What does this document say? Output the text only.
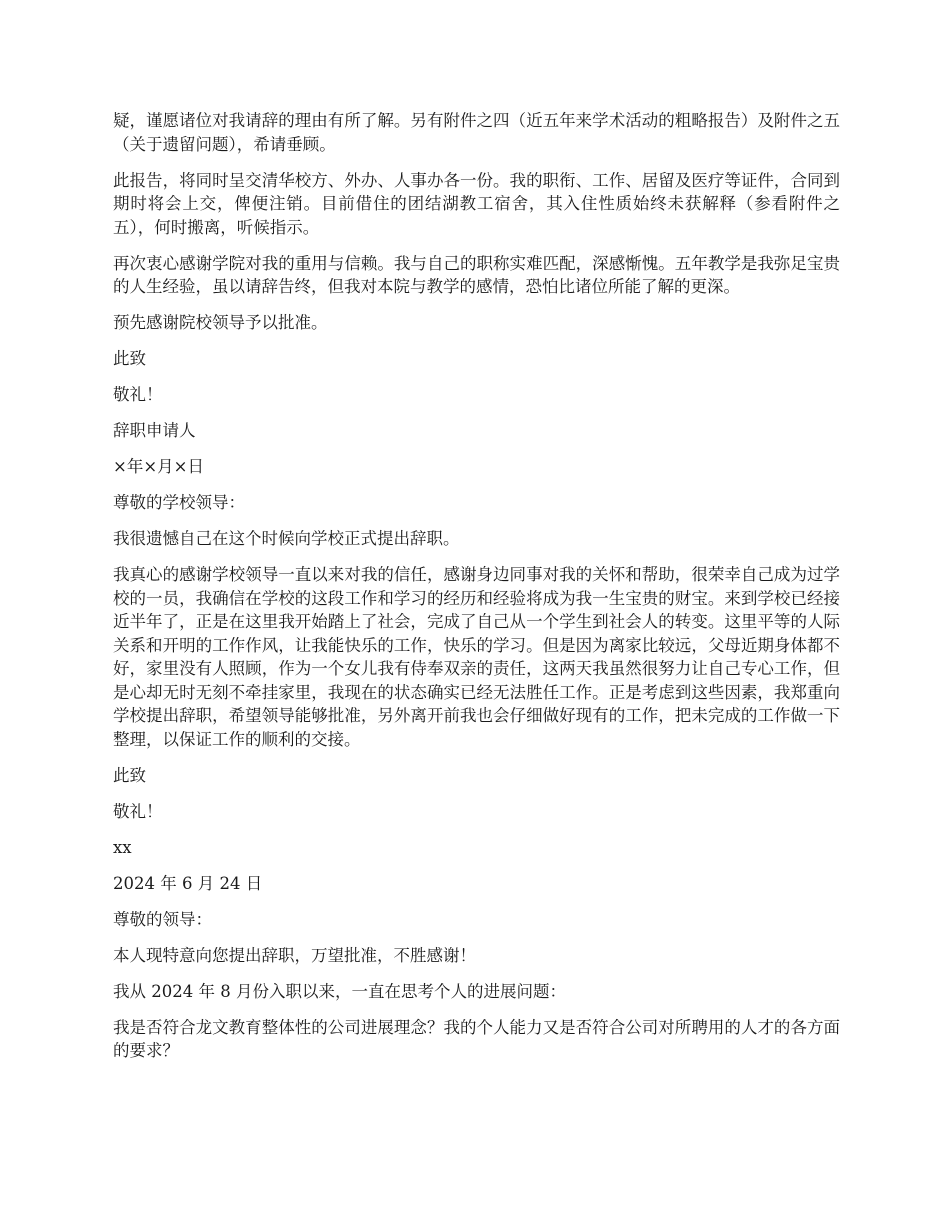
疑，谨愿诸位对我请辞的理由有所了解。另有附件之四（近五年来学术活动的粗略报告）及附件之五（关于遗留问题），希请垂顾。

此报告，将同时呈交清华校方、外办、人事办各一份。我的职衔、工作、居留及医疗等证件，合同到期时将会上交，俾便注销。目前借住的团结湖教工宿舍，其入住性质始终未获解释（参看附件之五），何时搬离，听候指示。

再次衷心感谢学院对我的重用与信赖。我与自己的职称实难匹配，深感惭愧。五年教学是我弥足宝贵的人生经验，虽以请辞告终，但我对本院与教学的感情，恐怕比诸位所能了解的更深。

预先感谢院校领导予以批准。

此致

敬礼！

辞职申请人

×年×月×日

尊敬的学校领导：

我很遗憾自己在这个时候向学校正式提出辞职。

我真心的感谢学校领导一直以来对我的信任，感谢身边同事对我的关怀和帮助，很荣幸自己成为过学校的一员，我确信在学校的这段工作和学习的经历和经验将成为我一生宝贵的财宝。来到学校已经接近半年了，正是在这里我开始踏上了社会，完成了自己从一个学生到社会人的转变。这里平等的人际关系和开明的工作作风，让我能快乐的工作，快乐的学习。但是因为离家比较远，父母近期身体都不好，家里没有人照顾，作为一个女儿我有侍奉双亲的责任，这两天我虽然很努力让自己专心工作，但是心却无时无刻不牵挂家里，我现在的状态确实已经无法胜任工作。正是考虑到这些因素，我郑重向学校提出辞职，希望领导能够批准，另外离开前我也会仔细做好现有的工作，把未完成的工作做一下整理，以保证工作的顺利的交接。

此致

敬礼！

xx

2024 年 6 月 24 日

尊敬的领导：

本人现特意向您提出辞职，万望批准，不胜感谢！

我从 2024 年 8 月份入职以来，一直在思考个人的进展问题：

我是否符合龙文教育整体性的公司进展理念？我的个人能力又是否符合公司对所聘用的人才的各方面的要求？
